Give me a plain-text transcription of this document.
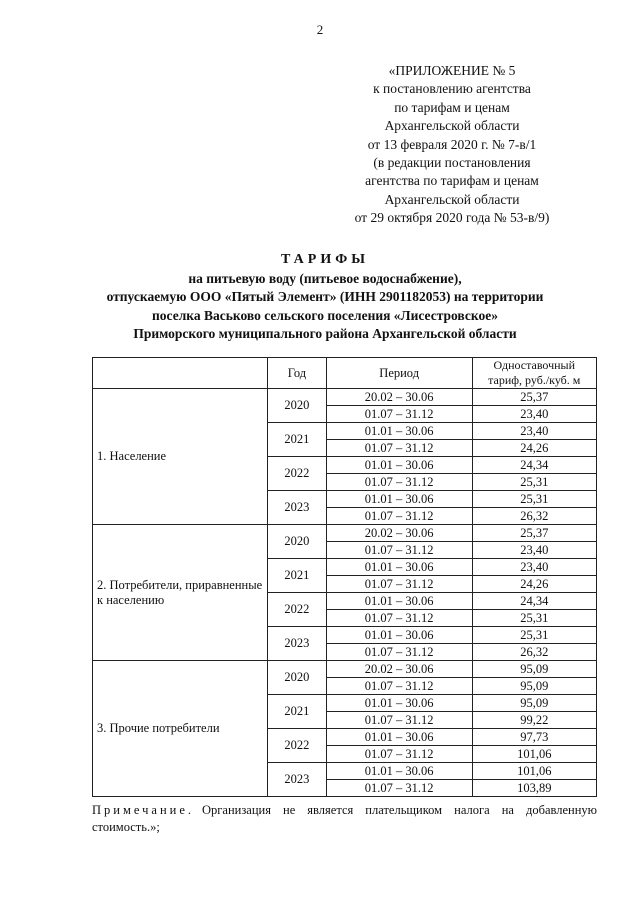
2
«ПРИЛОЖЕНИЕ № 5
к постановлению агентства
по тарифам и ценам
Архангельской области
от 13 февраля 2020 г. № 7-в/1
(в редакции постановления
агентства по тарифам и ценам
Архангельской области
от 29 октября 2020 года № 53-в/9)
ТАРИФЫ
на питьевую воду (питьевое водоснабжение),
отпускаемую ООО «Пятый Элемент» (ИНН 2901182053) на территории
поселка Васьково сельского поселения «Лисестровское»
Приморского муниципального района Архангельской области
	Год	Период	Одноставочный тариф, руб./куб. м
1. Население	2020	20.02 – 30.06	25,37
		01.07 – 31.12	23,40
	2021	01.01 – 30.06	23,40
		01.07 – 31.12	24,26
	2022	01.01 – 30.06	24,34
		01.07 – 31.12	25,31
	2023	01.01 – 30.06	25,31
		01.07 – 31.12	26,32
2. Потребители, приравненные к населению	2020	20.02 – 30.06	25,37
		01.07 – 31.12	23,40
	2021	01.01 – 30.06	23,40
		01.07 – 31.12	24,26
	2022	01.01 – 30.06	24,34
		01.07 – 31.12	25,31
	2023	01.01 – 30.06	25,31
		01.07 – 31.12	26,32
3. Прочие потребители	2020	20.02 – 30.06	95,09
		01.07 – 31.12	95,09
	2021	01.01 – 30.06	95,09
		01.07 – 31.12	99,22
	2022	01.01 – 30.06	97,73
		01.07 – 31.12	101,06
	2023	01.01 – 30.06	101,06
		01.07 – 31.12	103,89
Примечание. Организация не является плательщиком налога на добавленную стоимость.»;
